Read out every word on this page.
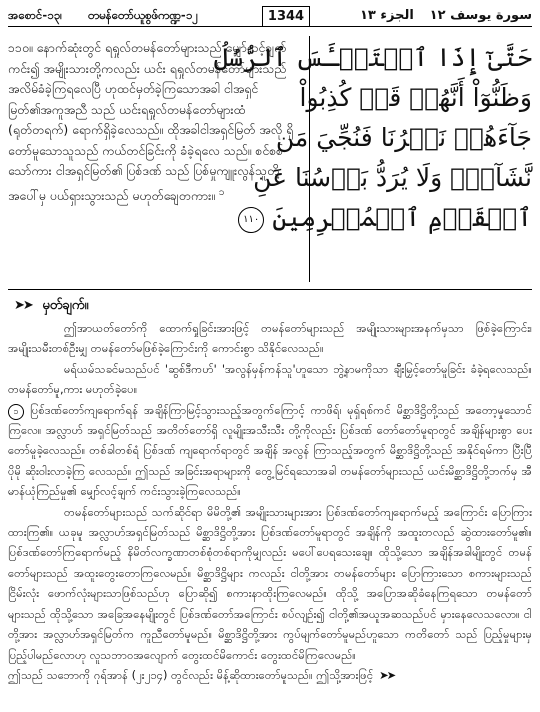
အစောင်-၁၃၊ တမန်တော်ယူစွဖ်ကဏ္ဍ-၁၂	1344	الجزء ١٣ سورة يوسف ١٢

၁၁၀။ နောက်ဆုံးတွင် ရရှုလ်တမန်တော်များသည် မျှော်လင့်ချက်ကင်း၍ အမျိုးသားတို့ကလည်း ယင်း ရရှုလ်တမန်တော်များသည် အလိမ်ခံခဲ့ကြရလေပြီ ဟုထင်မှတ်ခဲ့ကြသောအခါ ငါအရှင်မြတ်၏အကူအညီ သည် ယင်းရရှုလ်တမန်တော်များထံ (ရုတ်တရက်) ရောက်ရှိခဲ့လေသည်။ ထိုအခါငါအရှင်မြတ် အလို ရှိတော်မူသောသူသည် ကယ်တင်ခြင်းကို ခံခဲ့ရလေ သည်။ စင်စစ်သော်ကား ငါအရှင်မြတ်၏ ပြစ်ဒဏ် သည် ပြစ်မှုကျူးလွန်သူတို့အပေါ်မှ ပယ်ရှားသွားသည် မဟုတ်ချေတကား။ $^၁$

حَتَّىٰٓ إِذَا ٱسۡتَيۡـَٔسَ ٱلرُّسُلُ
وَظَنُّوٓاْ أَنَّهُمۡ قَدۡ كُذِبُواْ
جَآءَهُمۡ نَصۡرُنَا فَنُجِّيَ مَن
نَّشَآءُۖ وَلَا يُرَدُّ بَأۡسُنَا عَنِ
ٱلۡقَوۡمِ ٱلۡمُجۡرِمِينَ ١١٠
➤➤ မှတ်ချက်။

ဤအာယတ်တော်ကို ထောက်ရှုခြင်းအားဖြင့် တမန်တော်များသည် အမျိုးသားများအနက်မှသာ ဖြစ်ခဲ့ကြောင်း၊ အမျိုးသမီးတစ်ဦးမျှ တမန်တော်မဖြစ်ခဲ့ကြောင်းကို ကောင်းစွာ သိနိုင်လေသည်။

မရ်ယမ်သခင်မသည်ပင် 'ဆွစ်ဒီကဟ်' 'အလွန်မှန်ကန်သူ'ဟူသော ဘွဲ့နာမကိုသာ ချီးမြှင့်တော်မူခြင်း ခံခဲ့ရလေသည်။ တမန်တော်မူ,ကား မဟုတ်ခဲ့ပေ။

၁ ပြစ်ဒဏ်တော်ကျရောက်ရန် အချိန်ကြာမြင့်သွားသည့်အတွက်ကြောင့် ကာဖိရ်၊ မုရှ်ရစ်ကင် မိစ္ဆာဒိဋ္ဌိတို့သည် အတော့မှုသောင်ကြလေ။ အလ္လာဟ် အရှင်မြတ်သည် အတိတ်တော်ရှိ လူမျိုးအသီးသီး တို့ကိုလည်း ပြစ်ဒဏ် တော်တော်မူရာတွင် အချိန်များစွာ ပေးတော်မူခဲ့လေသည်။ တစ်ခါတစ်ရံ ပြစ်ဒဏ် ကျရောက်ရာတွင် အချိန် အလွန် ကြာသည့်အတွက် မိစ္ဆာဒိဋ္ဌိတို့သည် အနိုင်ရမ်ကာ ပြီးပြီ ပိုမို ဆိုးဝါးလာခဲ့ကြ လေသည်။ ဤသည် အခြင်းအရာများကို တွေ့မြင်ရသောအခါ တမန်တော်များသည် ယင်းမိစ္ဆာဒိဋ္ဌိတို့ဘက်မှ အီမာန်ယုံကြည်မှု၏ မျှော်လင့်ချက် ကင်းသွားခဲ့ကြလေသည်။

တမန်တော်များသည် သက်ဆိုင်ရာ မိမိတို့၏ အမျိုးသားများအား ပြစ်ဒဏ်တော်ကျရောက်မည့် အကြောင်း ပြောကြားထားကြ၏။ ယခုမူ အလ္လာဟ်အရှင်မြတ်သည် မိစ္ဆာဒိဋ္ဌိတို့အား ပြစ်ဒဏ်တော်မူရာတွင် အချိန်ကို အထူးတလည် ဆွဲထားတော်မူ၏။ ပြစ်ဒဏ်တော်ကြရောက်မည့် နိမိတ်လက္ခဏာတစ်စုံတစ်ရာကိုမျှလည်း မပေါ်ပေရသေးချေ။ ထိုသို့သော အချိန်အခါမျိုးတွင် တမန်တော်များသည် အထူးတွေးတောကြလေမည်။ မိစ္ဆာဒိဋ္ဌိများ ကလည်း ငါတို့အား တမန်တော်များ ပြောကြားသော စကားများသည် ငြိမ်းလုံး ဖောက်လုံးများသာဖြစ်သည်ဟု ပြောဆို၍ စကားနာထိုးကြလေမည်။ ထိုသို့ အပြောအဆိုခံနေကြရသော တမန်တော်များသည် ထိုသို့သော အခြေအနေမျိုးတွင် ပြစ်ဒဏ်တော်အကြောင်း စပ်လျဉ်း၍ ငါတို့၏အယူအဆသည်ပင် မှားနေလေသလော။ ငါတို့အား အလ္လာဟ်အရှင်မြတ်က ကူညီတော်မူမည်။ မိစ္ဆာဒိဋ္ဌိတို့အား ကွပ်မျက်တော်မူမည်ဟူသော ကတိတော် သည် ပြည့်မှုများမှ ပြည့်ပါမည်လောဟု လူသဘာဝအလျောက် တွေးထင်မိကောင်း တွေးထင်မိကြလေမည်။

ဤသည် သဘောကို ဂုရ်အာန် (၂း၂၁၄) တွင်လည်း မိန့်ဆိုထားတော်မူသည်။ ဤသို့အားဖြင့် ➤➤
